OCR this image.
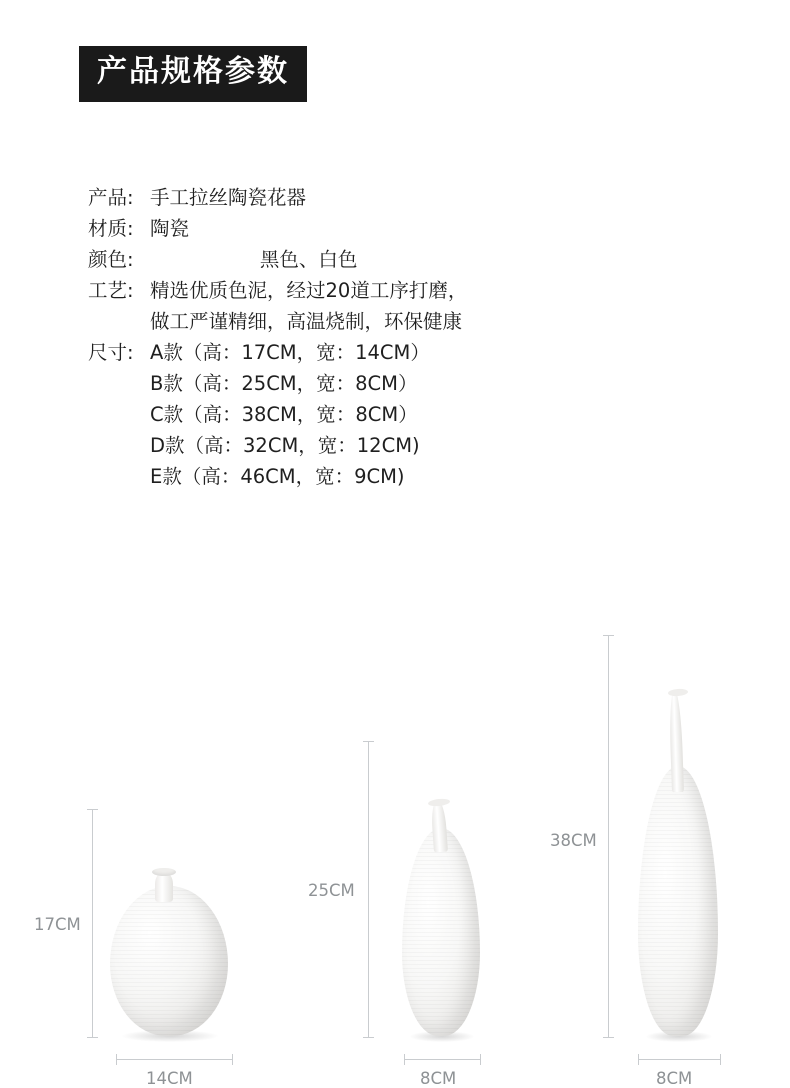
产品规格参数
产品: 手工拉丝陶瓷花器
材质: 陶瓷
颜色:	黑色、白色
工艺: 精选优质色泥，经过20道工序打磨，
做工严谨精细，高温烧制，环保健康
尺寸: A款（高：17CM，宽：14CM）
B款（高：25CM，宽：8CM）
C款（高：38CM，宽：8CM）
D款（高：32CM，宽：12CM)
E款（高：46CM，宽：9CM)
17CM
14CM
25CM
8CM
38CM
8CM
